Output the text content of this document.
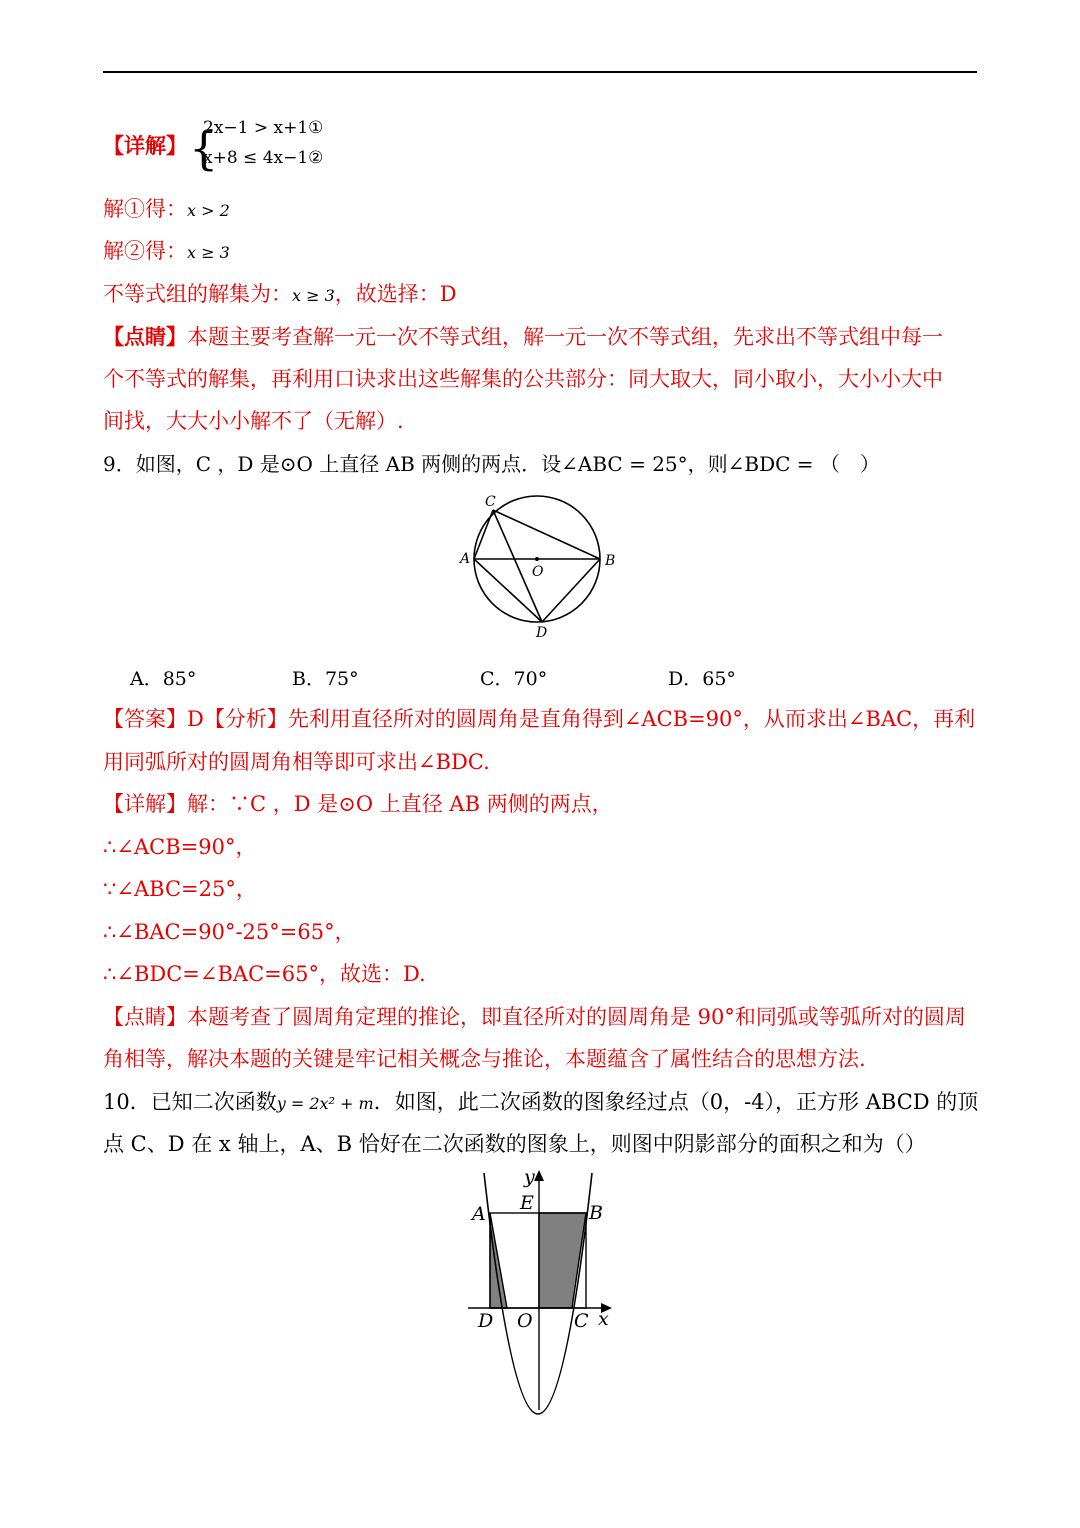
【详解】 {
2x−1 > x+1①
x+8 ≤ 4x−1②
解①得：x > 2
解②得：x ≥ 3
不等式组的解集为：x ≥ 3，故选择：D
【点睛】本题主要考查解一元一次不等式组，解一元一次不等式组，先求出不等式组中每一
个不等式的解集，再利用口诀求出这些解集的公共部分：同大取大，同小取小，大小小大中
间找，大大小小解不了（无解）.
9．如图，C ，D 是⊙O 上直径 AB 两侧的两点．设∠ABC = 25°，则∠BDC = （　）
C
A
O
B
D
A．85°	B．75°	C．70°	D．65°
【答案】D【分析】先利用直径所对的圆周角是直角得到∠ACB=90°，从而求出∠BAC，再利
用同弧所对的圆周角相等即可求出∠BDC.
【详解】解：∵C ，D 是⊙O 上直径 AB 两侧的两点，
∴∠ACB=90°，
∵∠ABC=25°，
∴∠BAC=90°-25°=65°，
∴∠BDC=∠BAC=65°，故选：D.
【点睛】本题考查了圆周角定理的推论，即直径所对的圆周角是 90°和同弧或等弧所对的圆周
角相等，解决本题的关键是牢记相关概念与推论，本题蕴含了属性结合的思想方法.
10．已知二次函数y = 2x² + m．如图，此二次函数的图象经过点（0，-4），正方形 ABCD 的顶
点 C、D 在 x 轴上，A、B 恰好在二次函数的图象上，则图中阴影部分的面积之和为（）
y
E
A	B
D O C x
